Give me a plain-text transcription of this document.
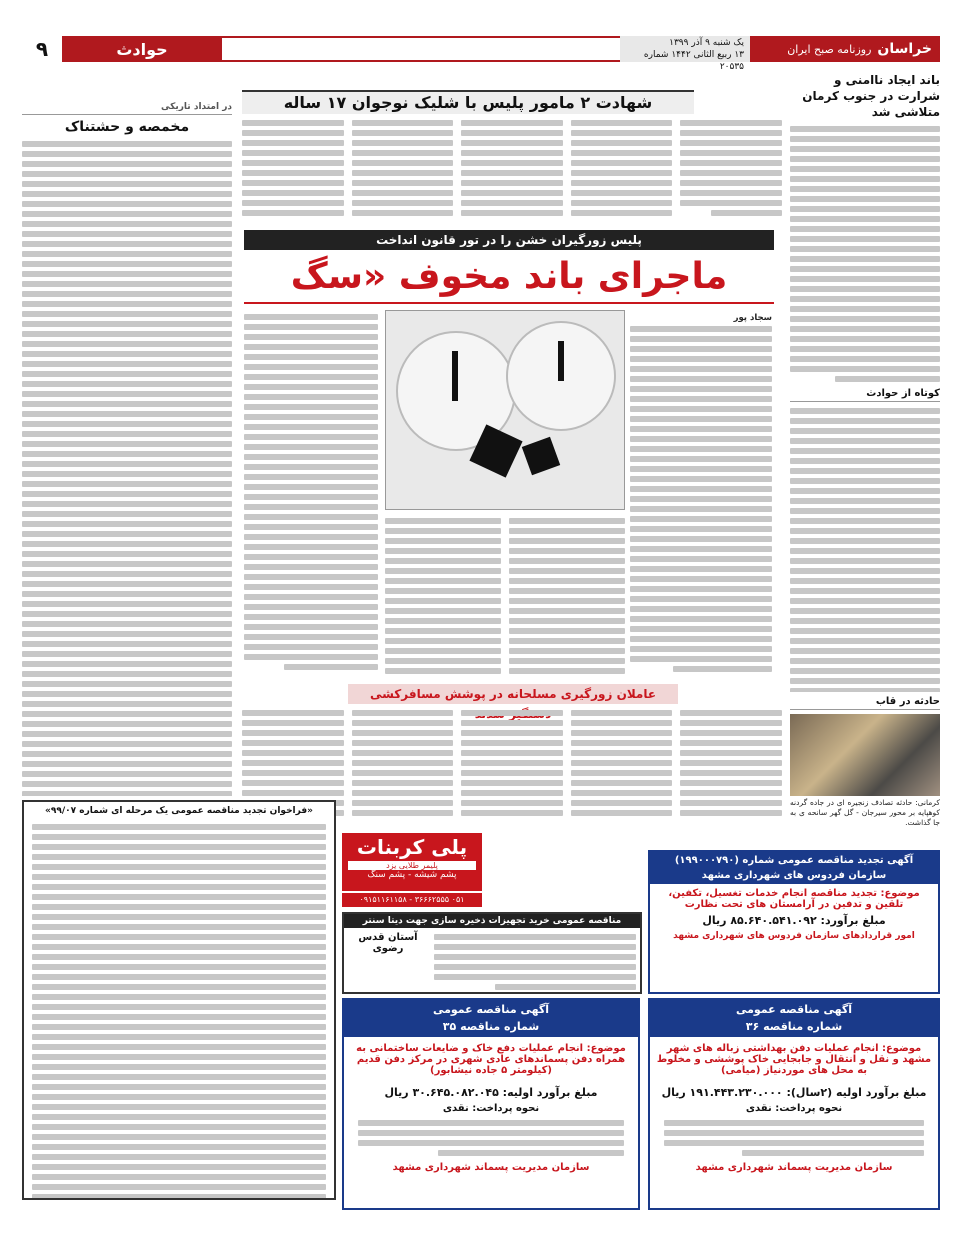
خراسان
روزنامه صبح ایران
یک شنبه ۹ آذر ۱۳۹۹
۱۳ ربیع الثانی ۱۴۴۲ شماره ۲۰۵۳۵
حوادث
۹
باند ایجاد ناامنی و شرارت در جنوب کرمان متلاشی شد
کوتاه از حوادث
حادثه در قاب
کرمانی: حادثه تصادف زنجیره ای در جاده گردنه کوهپایه بر محور سیرجان - گل گهر سانحه ی به جا گذاشت.
شهادت ۲ مامور پلیس با شلیک نوجوان ۱۷ ساله
پلیس زورگیران خشن را در تور قانون انداخت
ماجرای باند مخوف «سگ
سجاد پور
عاملان زورگیری مسلحانه در پوشش مسافرکشی
در امتداد تاریکی
مخمصه و حشتناک
«فراخوان تجدید مناقصه عمومی یک مرحله ای شماره ۹۹/۰۷»
پلی کربنات
پلیمر طلایی یزد
پشم شیشه - پشم سنگ
۰۵۱ ۳۶۶۶۲۵۵۵ - ۰۹۱۵۱۱۶۱۱۵۸
مناقصه عمومی خرید تجهیزات ذخیره سازی جهت دیتا سنتر
آستان قدس رضوی
آگهی تجدید مناقصه عمومی شماره (۱۹۹۰۰۰۷۹۰)
سازمان فردوس های شهرداری مشهد
موضوع: تجدید مناقصه انجام خدمات تغسیل، تکفین، تلقین و تدفین در آرامستان های تحت نظارت
مبلغ برآورد: ۸۵.۶۴۰.۵۴۱.۰۹۲ ریال
امور قراردادهای سازمان فردوس های شهرداری مشهد
آگهی مناقصه عمومی
شماره مناقصه ۳۵
موضوع: انجام عملیات دفع خاک و ضایعات ساختمانی به همراه دفن پسماندهای عادی شهری در مرکز دفن قدیم (کیلومتر ۵ جاده نیشابور)
مبلغ برآورد اولیه: ۳۰.۶۴۵.۰۸۲.۰۴۵ ریال
نحوه پرداخت: نقدی
سازمان مدیریت پسماند شهرداری مشهد
آگهی مناقصه عمومی
شماره مناقصه ۳۶
موضوع: انجام عملیات دفن بهداشتی زباله های شهر مشهد و نقل و انتقال و جابجایی خاک پوششی و مخلوط به محل های موردنیاز (میامی)
مبلغ برآورد اولیه (۲سال): ۱۹۱.۴۴۳.۲۳۰.۰۰۰ ریال
نحوه پرداخت: نقدی
سازمان مدیریت پسماند شهرداری مشهد
